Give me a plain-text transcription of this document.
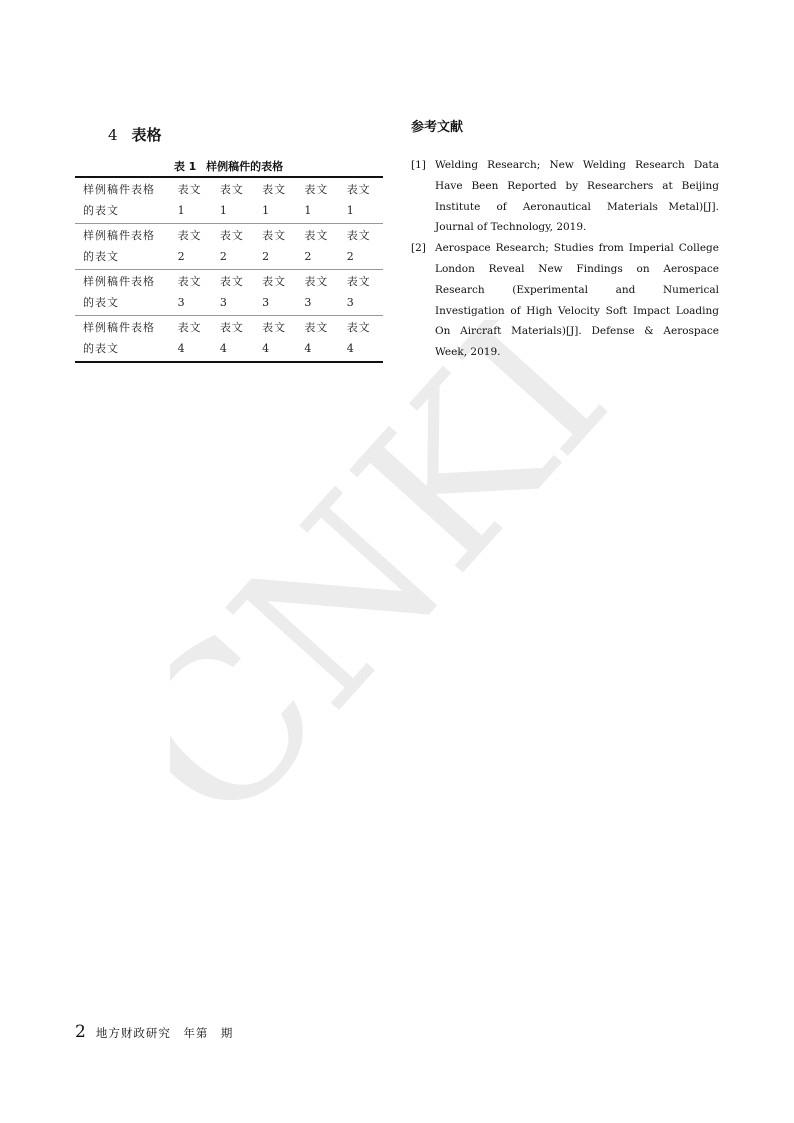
CNKI
4 表格
表 1 样例稿件的表格
样例稿件表格的表文	表文 1	表文 1	表文 1	表文 1	表文 1
样例稿件表格的表文	表文 2	表文 2	表文 2	表文 2	表文 2
样例稿件表格的表文	表文 3	表文 3	表文 3	表文 3	表文 3
样例稿件表格的表文	表文 4	表文 4	表文 4	表文 4	表文 4
参考文献
[1] Welding Research; New Welding Research Data Have Been Reported by Researchers at Beijing Institute of Aeronautical Materials Metal)[J]. Journal of Technology, 2019.
[2] Aerospace Research; Studies from Imperial College London Reveal New Findings on Aerospace Research (Experimental and Numerical Investigation of High Velocity Soft Impact Loading On Aircraft Materials)[J]. Defense & Aerospace Week, 2019.
2 地方财政研究　年第　期
